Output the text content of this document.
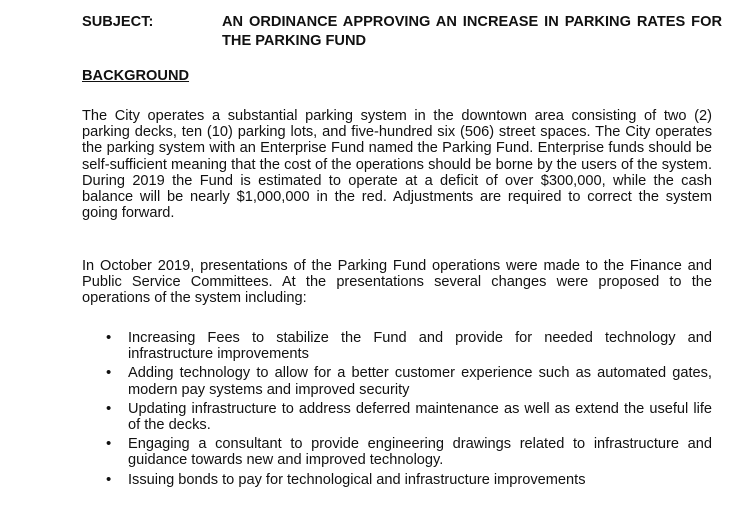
SUBJECT:	AN ORDINANCE APPROVING AN INCREASE IN PARKING RATES FOR THE PARKING FUND
BACKGROUND

The City operates a substantial parking system in the downtown area consisting of two (2) parking decks, ten (10) parking lots, and five-hundred six (506) street spaces. The City operates the parking system with an Enterprise Fund named the Parking Fund. Enterprise funds should be self-sufficient meaning that the cost of the operations should be borne by the users of the system. During 2019 the Fund is estimated to operate at a deficit of over $300,000, while the cash balance will be nearly $1,000,000 in the red. Adjustments are required to correct the system going forward.

In October 2019, presentations of the Parking Fund operations were made to the Finance and Public Service Committees. At the presentations several changes were proposed to the operations of the system including:

• Increasing Fees to stabilize the Fund and provide for needed technology and infrastructure improvements
• Adding technology to allow for a better customer experience such as automated gates, modern pay systems and improved security
• Updating infrastructure to address deferred maintenance as well as extend the useful life of the decks.
• Engaging a consultant to provide engineering drawings related to infrastructure and guidance towards new and improved technology.
• Issuing bonds to pay for technological and infrastructure improvements
